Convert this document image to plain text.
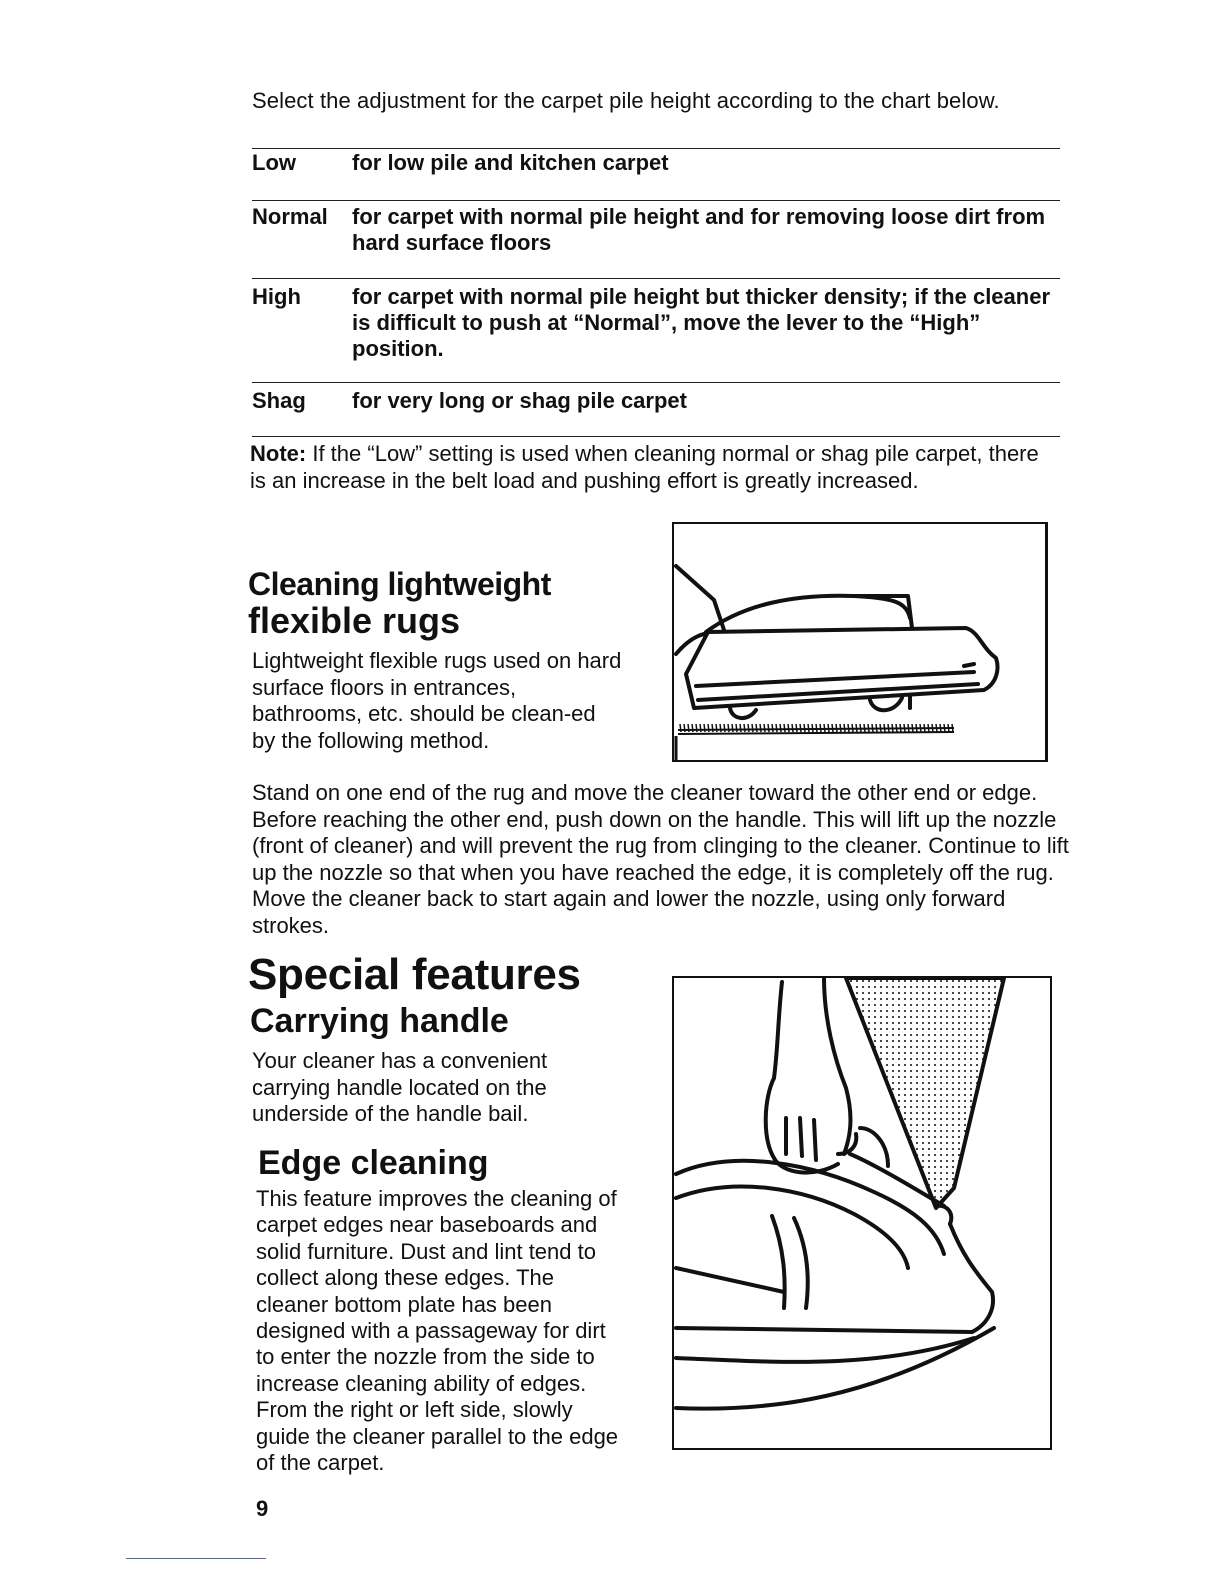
Select the adjustment for the carpet pile height according to the chart below.
Low	for low pile and kitchen carpet
Normal for carpet with normal pile height and for removing loose dirt from hard surface floors
High for carpet with normal pile height but thicker density; if the cleaner is difficult to push at “Normal”, move the lever to the “High” position.
Shag for very long or shag pile carpet
Note: If the “Low” setting is used when cleaning normal or shag pile carpet, there is an increase in the belt load and pushing effort is greatly increased.
Cleaning lightweight
flexible rugs
Lightweight flexible rugs used on hard surface floors in entrances, bathrooms, etc. should be clean-ed by the following method.
Stand on one end of the rug and move the cleaner toward the other end or edge. Before reaching the other end, push down on the handle. This will lift up the nozzle (front of cleaner) and will prevent the rug from clinging to the cleaner. Continue to lift up the nozzle so that when you have reached the edge, it is completely off the rug. Move the cleaner back to start again and lower the nozzle, using only forward strokes.
Special features
Carrying handle
Your cleaner has a convenient carrying handle located on the underside of the handle bail.
Edge cleaning
This feature improves the cleaning of carpet edges near baseboards and solid furniture. Dust and lint tend to collect along these edges. The cleaner bottom plate has been designed with a passageway for dirt to enter the nozzle from the side to increase cleaning ability of edges. From the right or left side, slowly guide the cleaner parallel to the edge of the carpet.
9
